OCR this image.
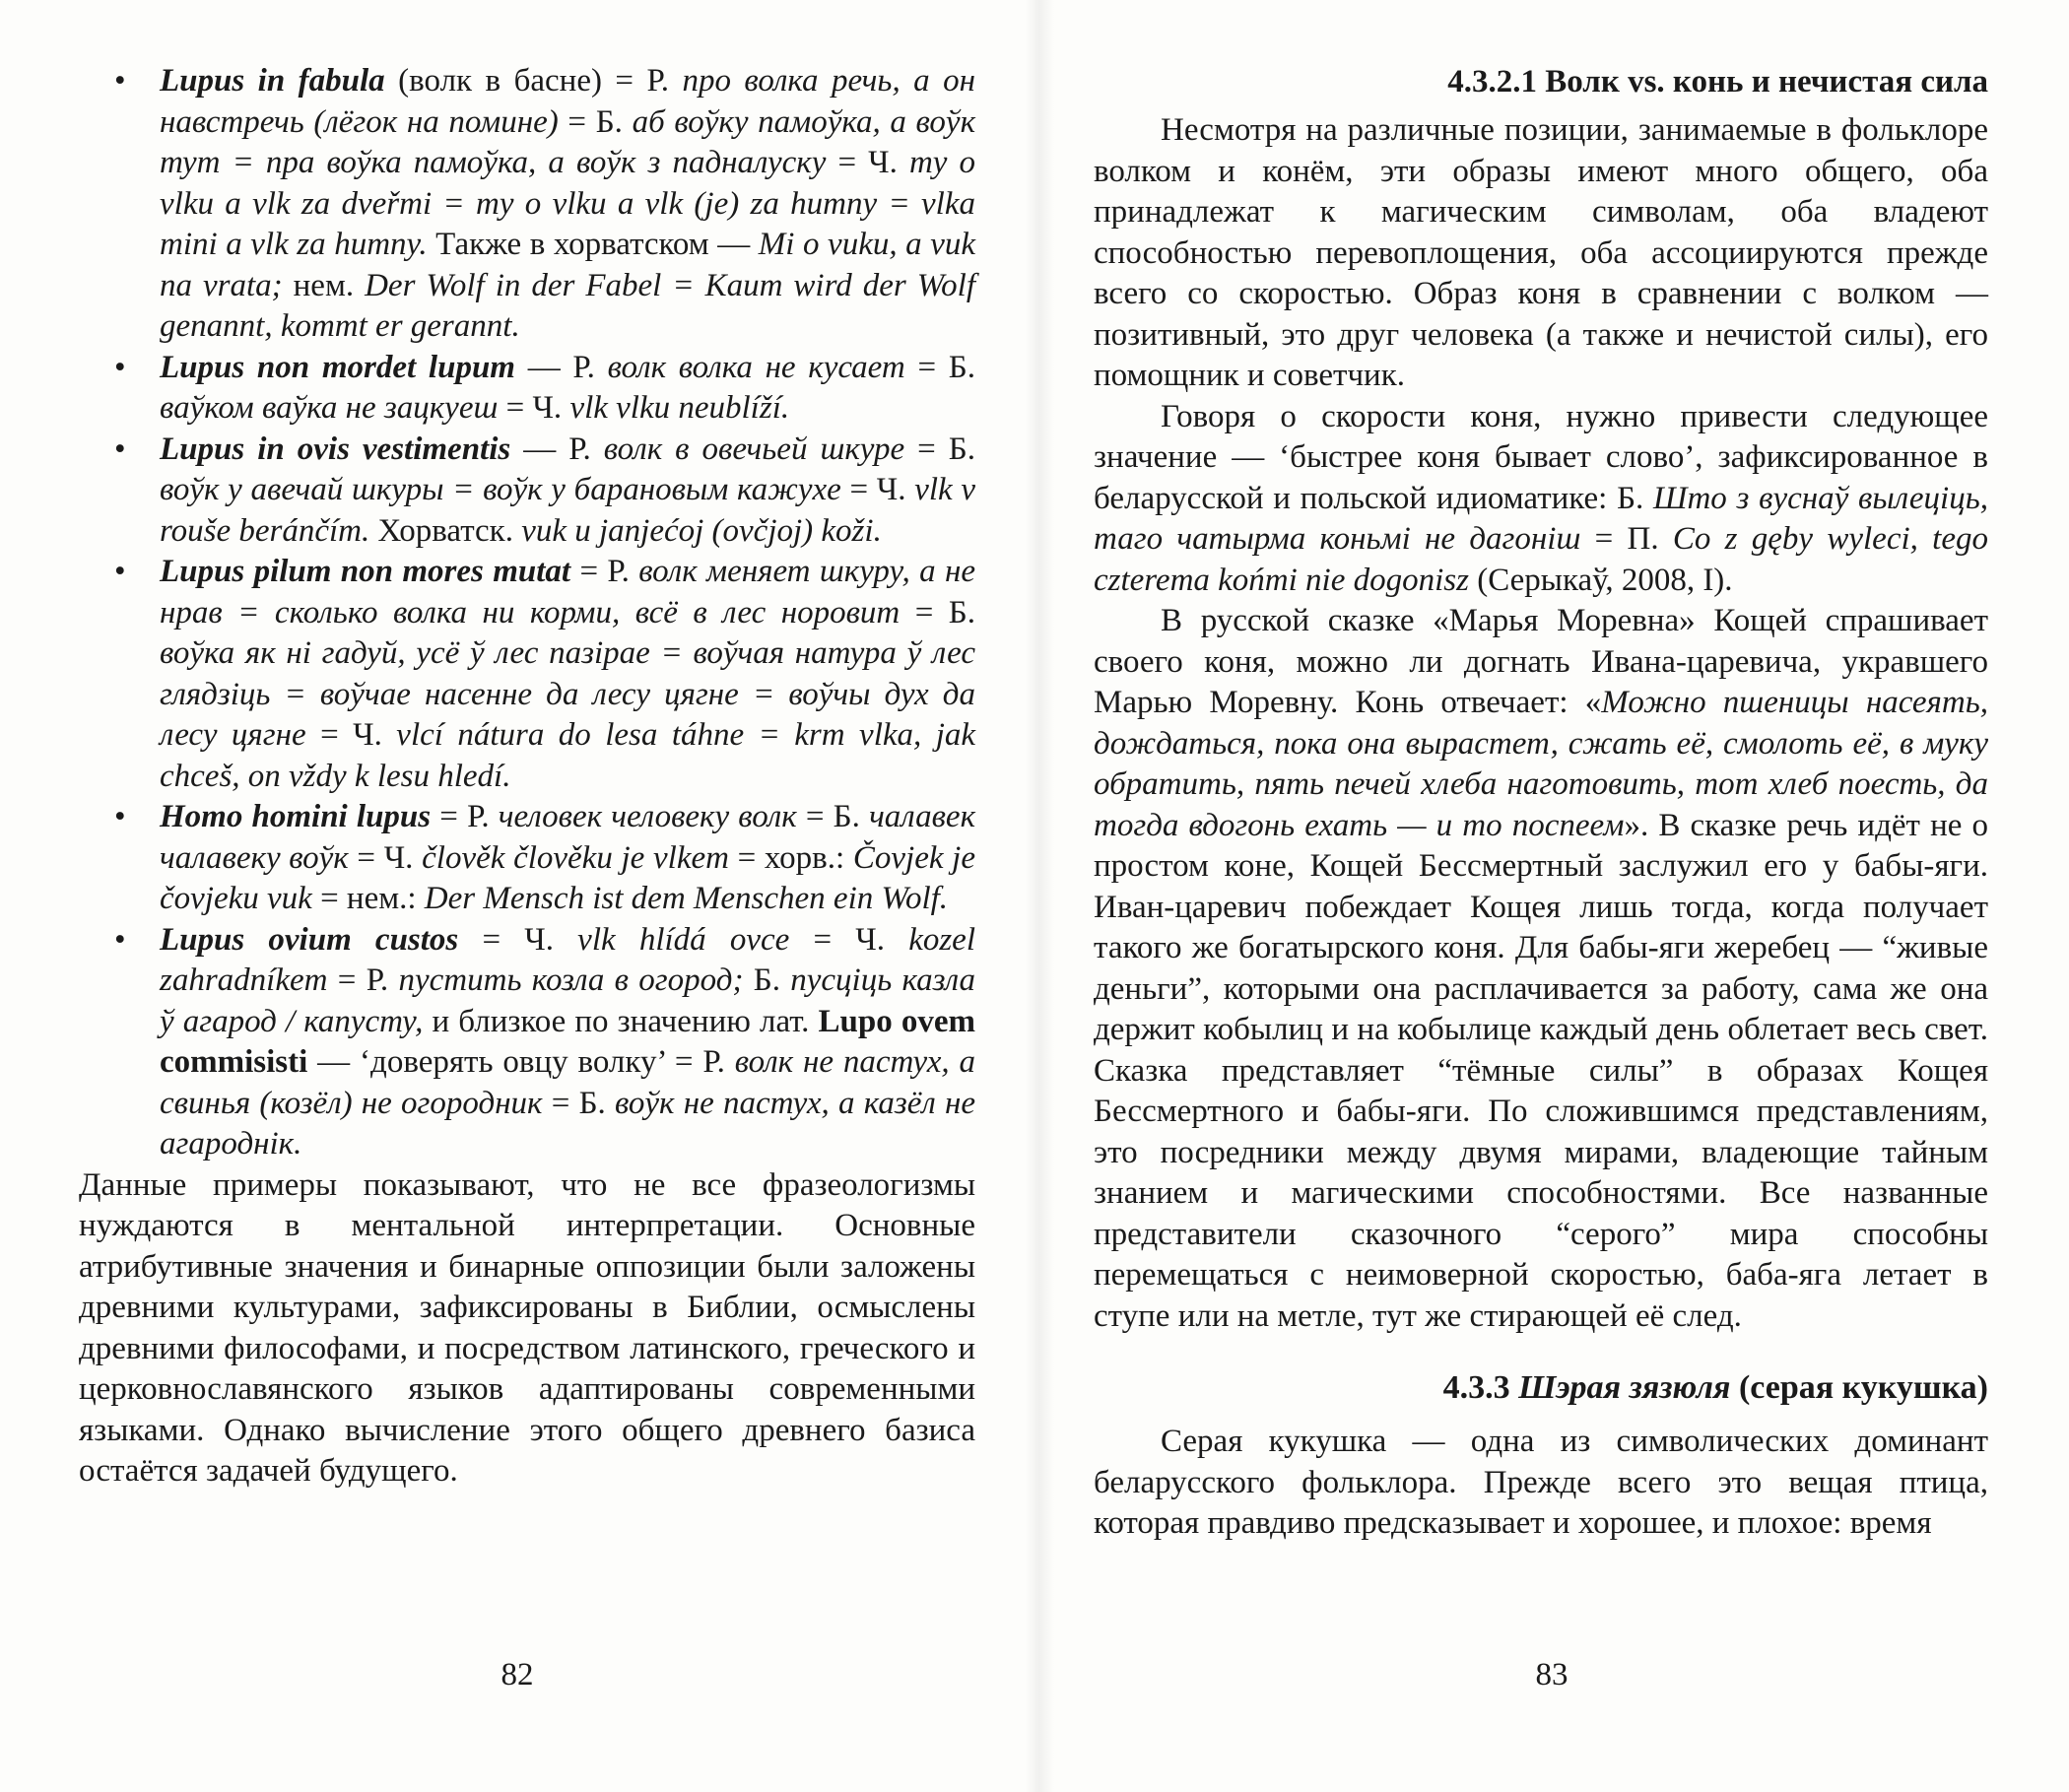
• Lupus in fabula (волк в басне) = Р. про волка речь, а он навстречь (лёгок на помине) = Б. аб воўку памоўка, а воўк тут = пра воўка памоўка, а воўк з падналуску = Ч. my o vlku a vlk za dveřmi = my o vlku a vlk (je) za humny = vlka mini a vlk za humny. Также в хорватском — Mi o vuku, a vuk na vrata; нем. Der Wolf in der Fabel = Kaum wird der Wolf genannt, kommt er gerannt.
• Lupus non mordet lupum — Р. волк волка не кусает = Б. ваўком ваўка не зацкуеш = Ч. vlk vlku neublíží.
• Lupus in ovis vestimentis — Р. волк в овечьей шкуре = Б. воўк у авечай шкуры = воўк у барановым кажуxe = Ч. vlk v rouše beránčím. Хорватск. vuk u janjećoj (ovčjoj) koži.
• Lupus pilum non mores mutat = Р. волк меняет шкуру, а не нрав = сколько волка ни корми, всё в лес норовит = Б. воўка як ні гадуй, усё ў лес пазірае = воўчая натура ў лес глядзіць = воўчае насенне да лесу цягне = воўчы дух да лесу цягне = Ч. vlcí nátura do lesa táhne = krm vlka, jak chceš, on vždy k lesu hledí.
• Homo homini lupus = Р. человек человеку волк = Б. чалавек чалавеку воўк = Ч. člověk člověku je vlkem = хорв.: Čovjek je čovjeku vuk = нем.: Der Mensch ist dem Menschen ein Wolf.
• Lupus ovium custos = Ч. vlk hlídá ovce = Ч. kozel zahradníkem = Р. пустить козла в огород; Б. пусціць казла ў агарод / капусту, и близкое по значению лат. Lupo ovem commisisti — ‘доверять овцу волку’ = Р. волк не пастух, а свинья (козёл) не огородник = Б. воўк не пастух, а казёл не агароднік.

Данные примеры показывают, что не все фразеологизмы нуждаются в ментальной интерпретации. Основные атрибутивные значения и бинарные оппозиции были заложены древними культурами, зафиксированы в Библии, осмыслены древними философами, и посредством латинского, греческого и церковнославянского языков адаптированы современными языками. Однако вычисление этого общего древнего базиса остаётся задачей будущего.

82
4.3.2.1 Волк vs. конь и нечистая сила

Несмотря на различные позиции, занимаемые в фольклоре волком и конём, эти образы имеют много общего, оба принадлежат к магическим символам, оба владеют способностью перевоплощения, оба ассоциируются прежде всего со скоростью. Образ коня в сравнении с волком — позитивный, это друг человека (а также и нечистой силы), его помощник и советчик.

Говоря о скорости коня, нужно привести следующее значение — ‘быстрее коня бывает слово’, зафиксированное в беларусской и польской идиоматике: Б. Што з вуснаў вылеціць, таго чатырма коньмі не дагоніш = П. Co z gęby wyleci, tego czterema końmi nie dogonisz (Серыкаў, 2008, I).

В русской сказке «Марья Моревна» Кощей спрашивает своего коня, можно ли догнать Ивана-царевича, укравшего Марью Моревну. Конь отвечает: «Можно пшеницы насеять, дождаться, пока она вырастет, сжать её, смолоть её, в муку обратить, пять печей хлеба наготовить, тот хлеб поесть, да тогда вдогонь ехать — и то поспеем». В сказке речь идёт не о простом коне, Кощей Бессмертный заслужил его у бабы-яги. Иван-царевич побеждает Кощея лишь тогда, когда получает такого же богатырского коня. Для бабы-яги жеребец — “живые деньги”, которыми она расплачивается за работу, сама же она держит кобылиц и на кобылице каждый день облетает весь свет. Сказка представляет “тёмные силы” в образах Кощея Бессмертного и бабы-яги. По сложившимся представлениям, это посредники между двумя мирами, владеющие тайным знанием и магическими способностями. Все названные представители сказочного “серого” мира способны перемещаться с неимоверной скоростью, баба-яга летает в ступе или на метле, тут же стирающей её след.

4.3.3 Шэрая зязюля (серая кукушка)

Серая кукушка — одна из символических доминант беларусского фольклора. Прежде всего это вещая птица, которая правдиво предсказывает и хорошее, и плохое: время

83
